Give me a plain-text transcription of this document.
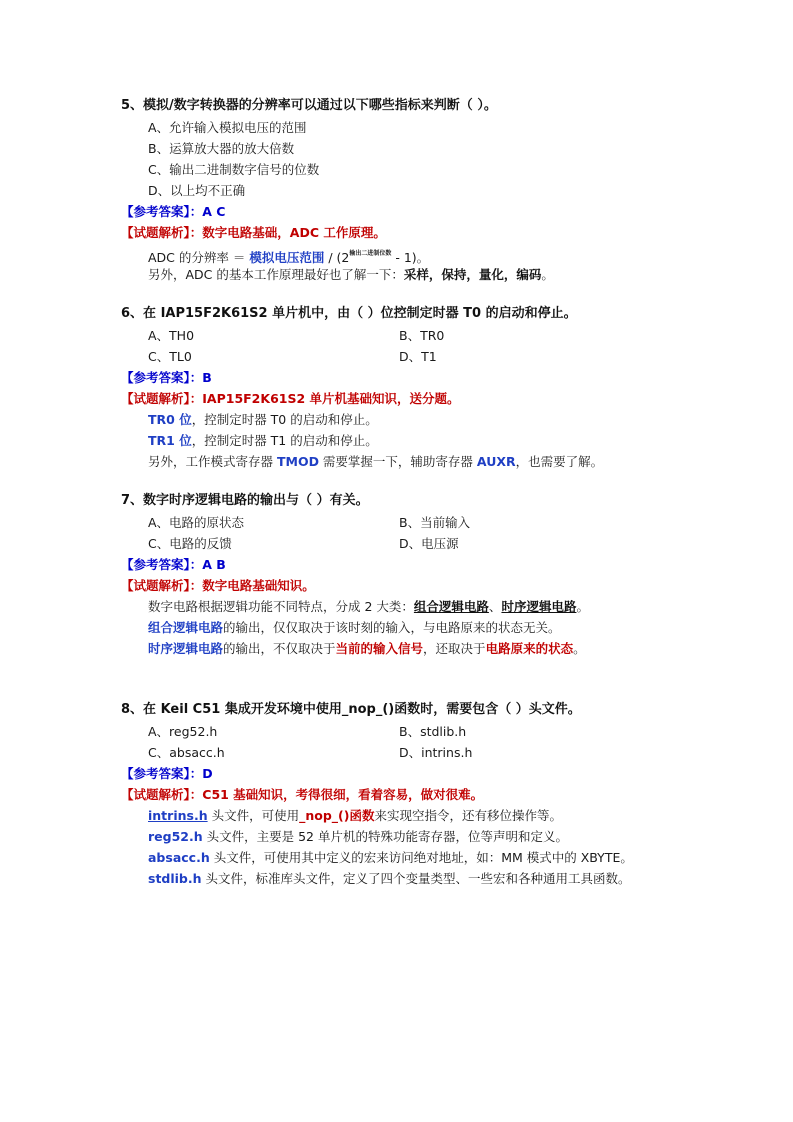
5、模拟/数字转换器的分辨率可以通过以下哪些指标来判断（ ）。
A、允许输入模拟电压的范围
B、运算放大器的放大倍数
C、输出二进制数字信号的位数
D、以上均不正确
【参考答案】：A C
【试题解析】：数字电路基础，ADC 工作原理。
ADC 的分辨率 ＝ 模拟电压范围 / $(2^{输出二进制位数} - 1)$。
另外，ADC 的基本工作原理最好也了解一下：采样，保持，量化，编码。
6、在 IAP15F2K61S2 单片机中，由（ ）位控制定时器 T0 的启动和停止。
A、TH0	B、TR0
C、TL0	D、T1
【参考答案】：B
【试题解析】：IAP15F2K61S2 单片机基础知识，送分题。
TR0 位，控制定时器 T0 的启动和停止。
TR1 位，控制定时器 T1 的启动和停止。
另外，工作模式寄存器 TMOD 需要掌握一下，辅助寄存器 AUXR，也需要了解。
7、数字时序逻辑电路的输出与（ ）有关。
A、电路的原状态	B、当前输入
C、电路的反馈	D、电压源
【参考答案】：A B
【试题解析】：数字电路基础知识。
数字电路根据逻辑功能不同特点，分成 2 大类：组合逻辑电路、时序逻辑电路。
组合逻辑电路的输出，仅仅取决于该时刻的输入，与电路原来的状态无关。
时序逻辑电路的输出，不仅取决于当前的输入信号，还取决于电路原来的状态。
8、在 Keil C51 集成开发环境中使用_nop_()函数时，需要包含（ ）头文件。
A、reg52.h	B、stdlib.h
C、absacc.h	D、intrins.h
【参考答案】：D
【试题解析】：C51 基础知识，考得很细，看着容易，做对很难。
intrins.h 头文件，可使用_nop_()函数来实现空指令，还有移位操作等。
reg52.h 头文件，主要是 52 单片机的特殊功能寄存器，位等声明和定义。
absacc.h 头文件，可使用其中定义的宏来访问绝对地址，如：MM 模式中的 XBYTE。
stdlib.h 头文件，标准库头文件，定义了四个变量类型、一些宏和各种通用工具函数。
